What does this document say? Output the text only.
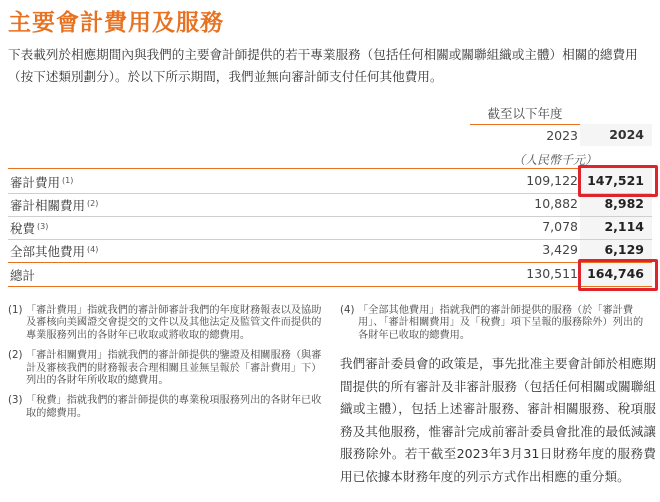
主要會計費用及服務
下表載列於相應期間內與我們的主要會計師提供的若干專業服務（包括任何相關或關聯組織或主體）相關的總費用（按下述類別劃分）。於以下所示期間，我們並無向審計師支付任何其他費用。
截至以下年度
2023 2024
（人民幣千元）
審計費用 $^{(1)}$	109,122 147,521
審計相關費用 $^{(2)}$	10,882	8,982
稅費 $^{(3)}$	7,078	2,114
全部其他費用 $^{(4)}$	3,429	6,129
總計	130,511 164,746
(1) 「審計費用」指就我們的審計師審計我們的年度財務報表以及協助及審核向美國證交會提交的文件以及其他法定及監管文件而提供的專業服務列出的各財年已收取或將收取的總費用。
(2) 「審計相關費用」指就我們的審計師提供的鑒證及相關服務（與審計及審核我們的財務報表合理相關且並無呈報於「審計費用」下）列出的各財年所收取的總費用。
(3) 「稅費」指就我們的審計師提供的專業稅項服務列出的各財年已收取的總費用。
(4) 「全部其他費用」指就我們的審計師提供的服務（於「審計費用」、「審計相關費用」及「稅費」項下呈報的服務除外）列出的各財年已收取的總費用。
我們審計委員會的政策是，事先批准主要會計師於相應期間提供的所有審計及非審計服務（包括任何相關或關聯組織或主體），包括上述審計服務、審計相關服務、稅項服務及其他服務，惟審計完成前審計委員會批准的最低減讓服務除外。若干截至2023年3月31日財務年度的服務費用已依據本財務年度的列示方式作出相應的重分類。
